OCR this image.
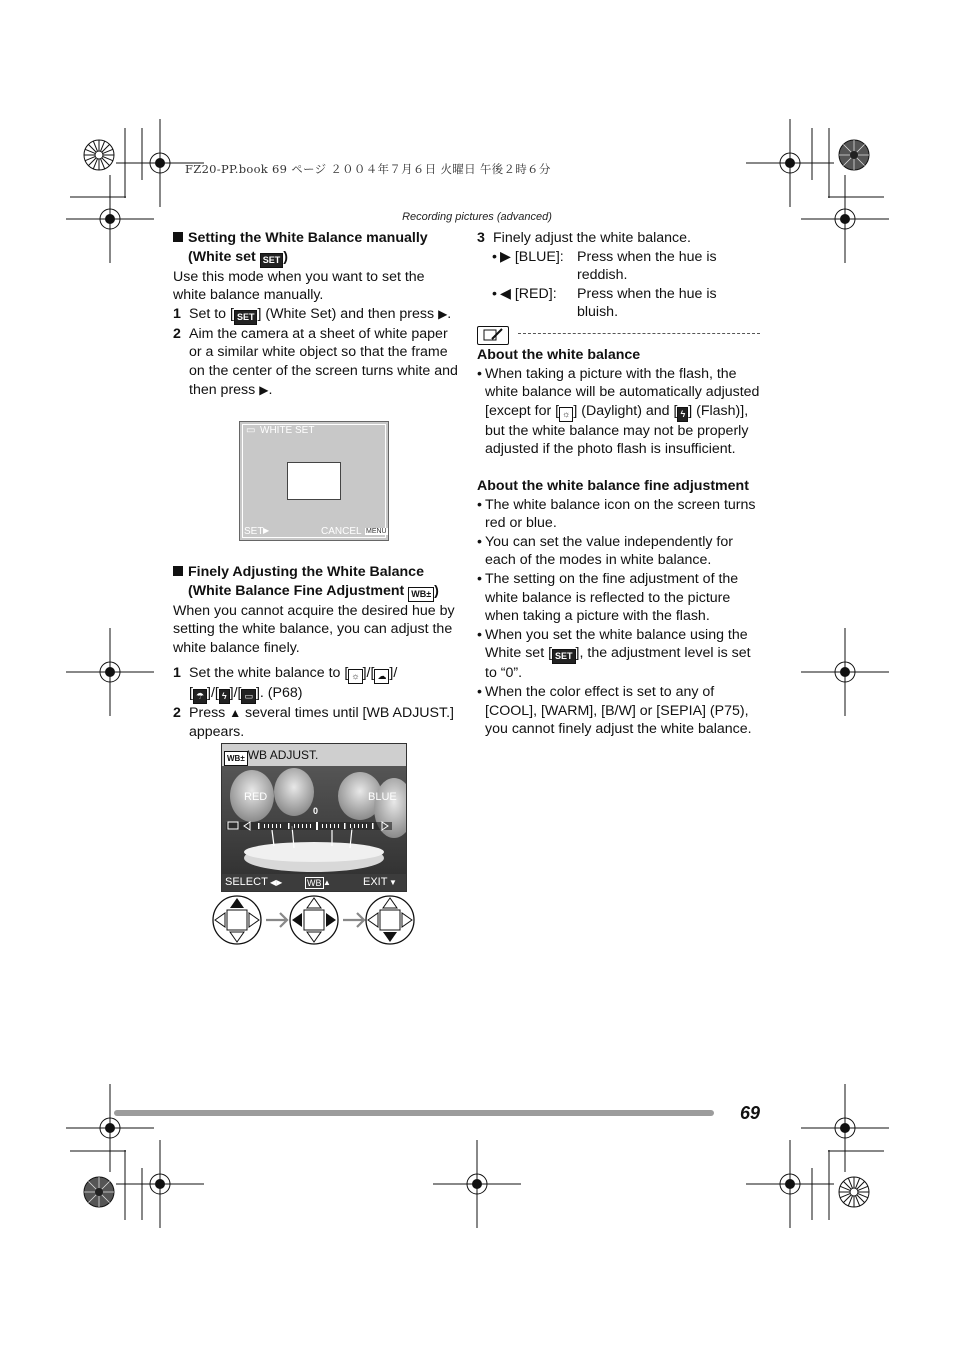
FZ20-PP.book 69 ページ ２００４年７月６日 火曜日 午後２時６分
Recording pictures (advanced)

Setting the White Balance manually
(White set SET )

Use this mode when you want to set the white balance manually.

1 Set to [ SET ] (White Set) and then press ▶.

2 Aim the camera at a sheet of white paper or a similar white object so that the frame on the center of the screen turns white and then press ▶.

▭ WHITE SET
SET ▶	CANCEL MENU

Finely Adjusting the White Balance
(White Balance Fine Adjustment WB± )

When you cannot acquire the desired hue by setting the white balance, you can adjust the white balance finely.

1 Set the white balance to [ ☼ ]/[ ☁ ]/
[ ☂ ]/[ ϟ ]/[ ▭ ]. (P68)

2 Press ▲ several times until [WB ADJUST.] appears.

WB± WB ADJUST.
RED	BLUE
0
SELECT ◀▶	WB ▲	EXIT ▼

3 Finely adjust the white balance.

• ▶ [BLUE]: Press when the hue is reddish.
• ◀ [RED]: Press when the hue is bluish.

About the white balance

• When taking a picture with the flash, the white balance will be automatically adjusted [except for [ ☼ ] (Daylight) and [ ϟ ] (Flash)], but the white balance may not be properly adjusted if the photo flash is insufficient.

About the white balance fine adjustment

• The white balance icon on the screen turns red or blue.

• You can set the value independently for each of the modes in white balance.

• The setting on the fine adjustment of the white balance is reflected to the picture when taking a picture with the flash.

• When you set the white balance using the White set [ SET ], the adjustment level is set to “0”.

• When the color effect is set to any of [COOL], [WARM], [B/W] or [SEPIA] (P75), you cannot finely adjust the white balance.

69
